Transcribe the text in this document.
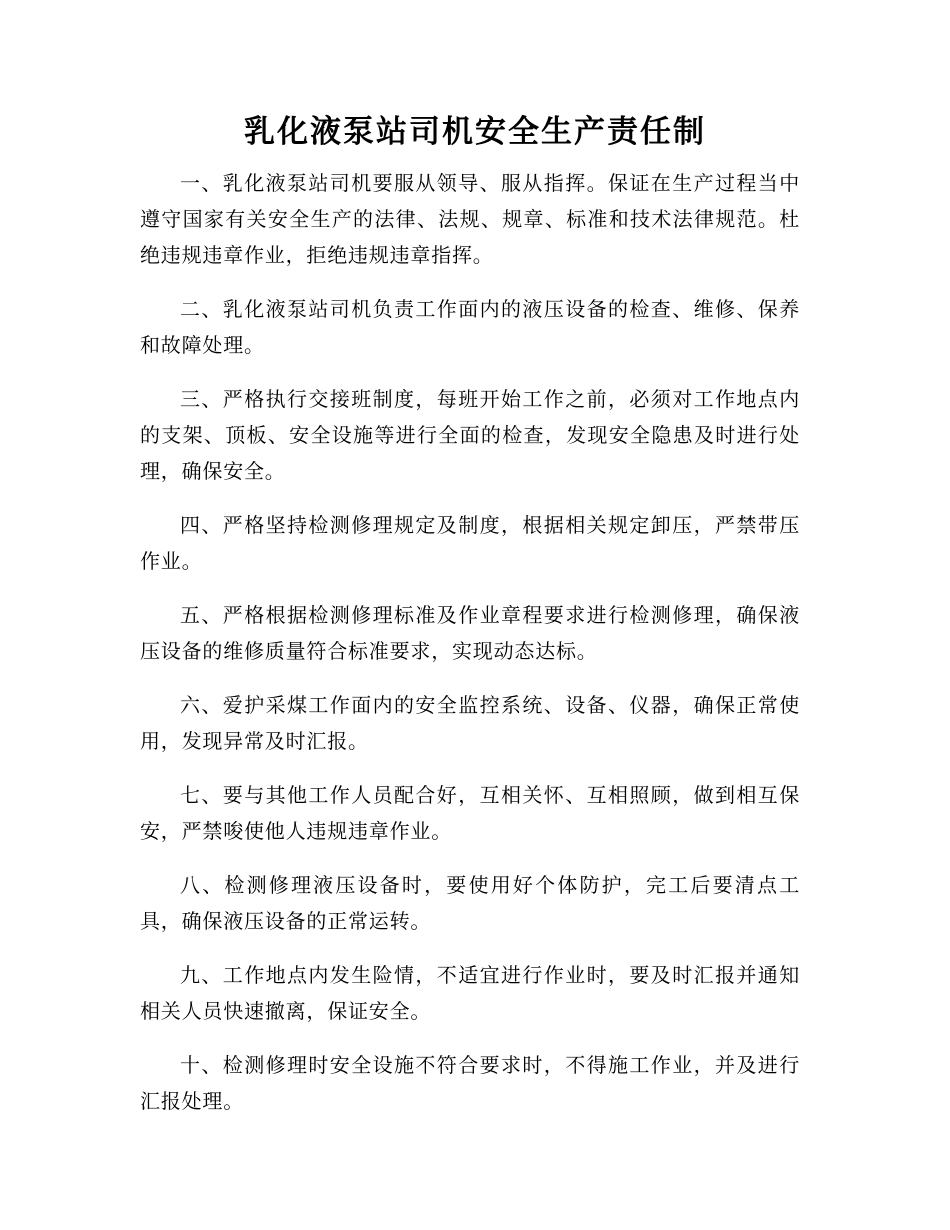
乳化液泵站司机安全生产责任制

一、乳化液泵站司机要服从领导、服从指挥。保证在生产过程当中遵守国家有关安全生产的法律、法规、规章、标准和技术法律规范。杜绝违规违章作业，拒绝违规违章指挥。

二、乳化液泵站司机负责工作面内的液压设备的检查、维修、保养和故障处理。

三、严格执行交接班制度，每班开始工作之前，必须对工作地点内的支架、顶板、安全设施等进行全面的检查，发现安全隐患及时进行处理，确保安全。

四、严格坚持检测修理规定及制度，根据相关规定卸压，严禁带压作业。

五、严格根据检测修理标准及作业章程要求进行检测修理，确保液压设备的维修质量符合标准要求，实现动态达标。

六、爱护采煤工作面内的安全监控系统、设备、仪器，确保正常使用，发现异常及时汇报。

七、要与其他工作人员配合好，互相关怀、互相照顾，做到相互保安，严禁唆使他人违规违章作业。

八、检测修理液压设备时，要使用好个体防护，完工后要清点工具，确保液压设备的正常运转。

九、工作地点内发生险情，不适宜进行作业时，要及时汇报并通知相关人员快速撤离，保证安全。

十、检测修理时安全设施不符合要求时，不得施工作业，并及进行汇报处理。
